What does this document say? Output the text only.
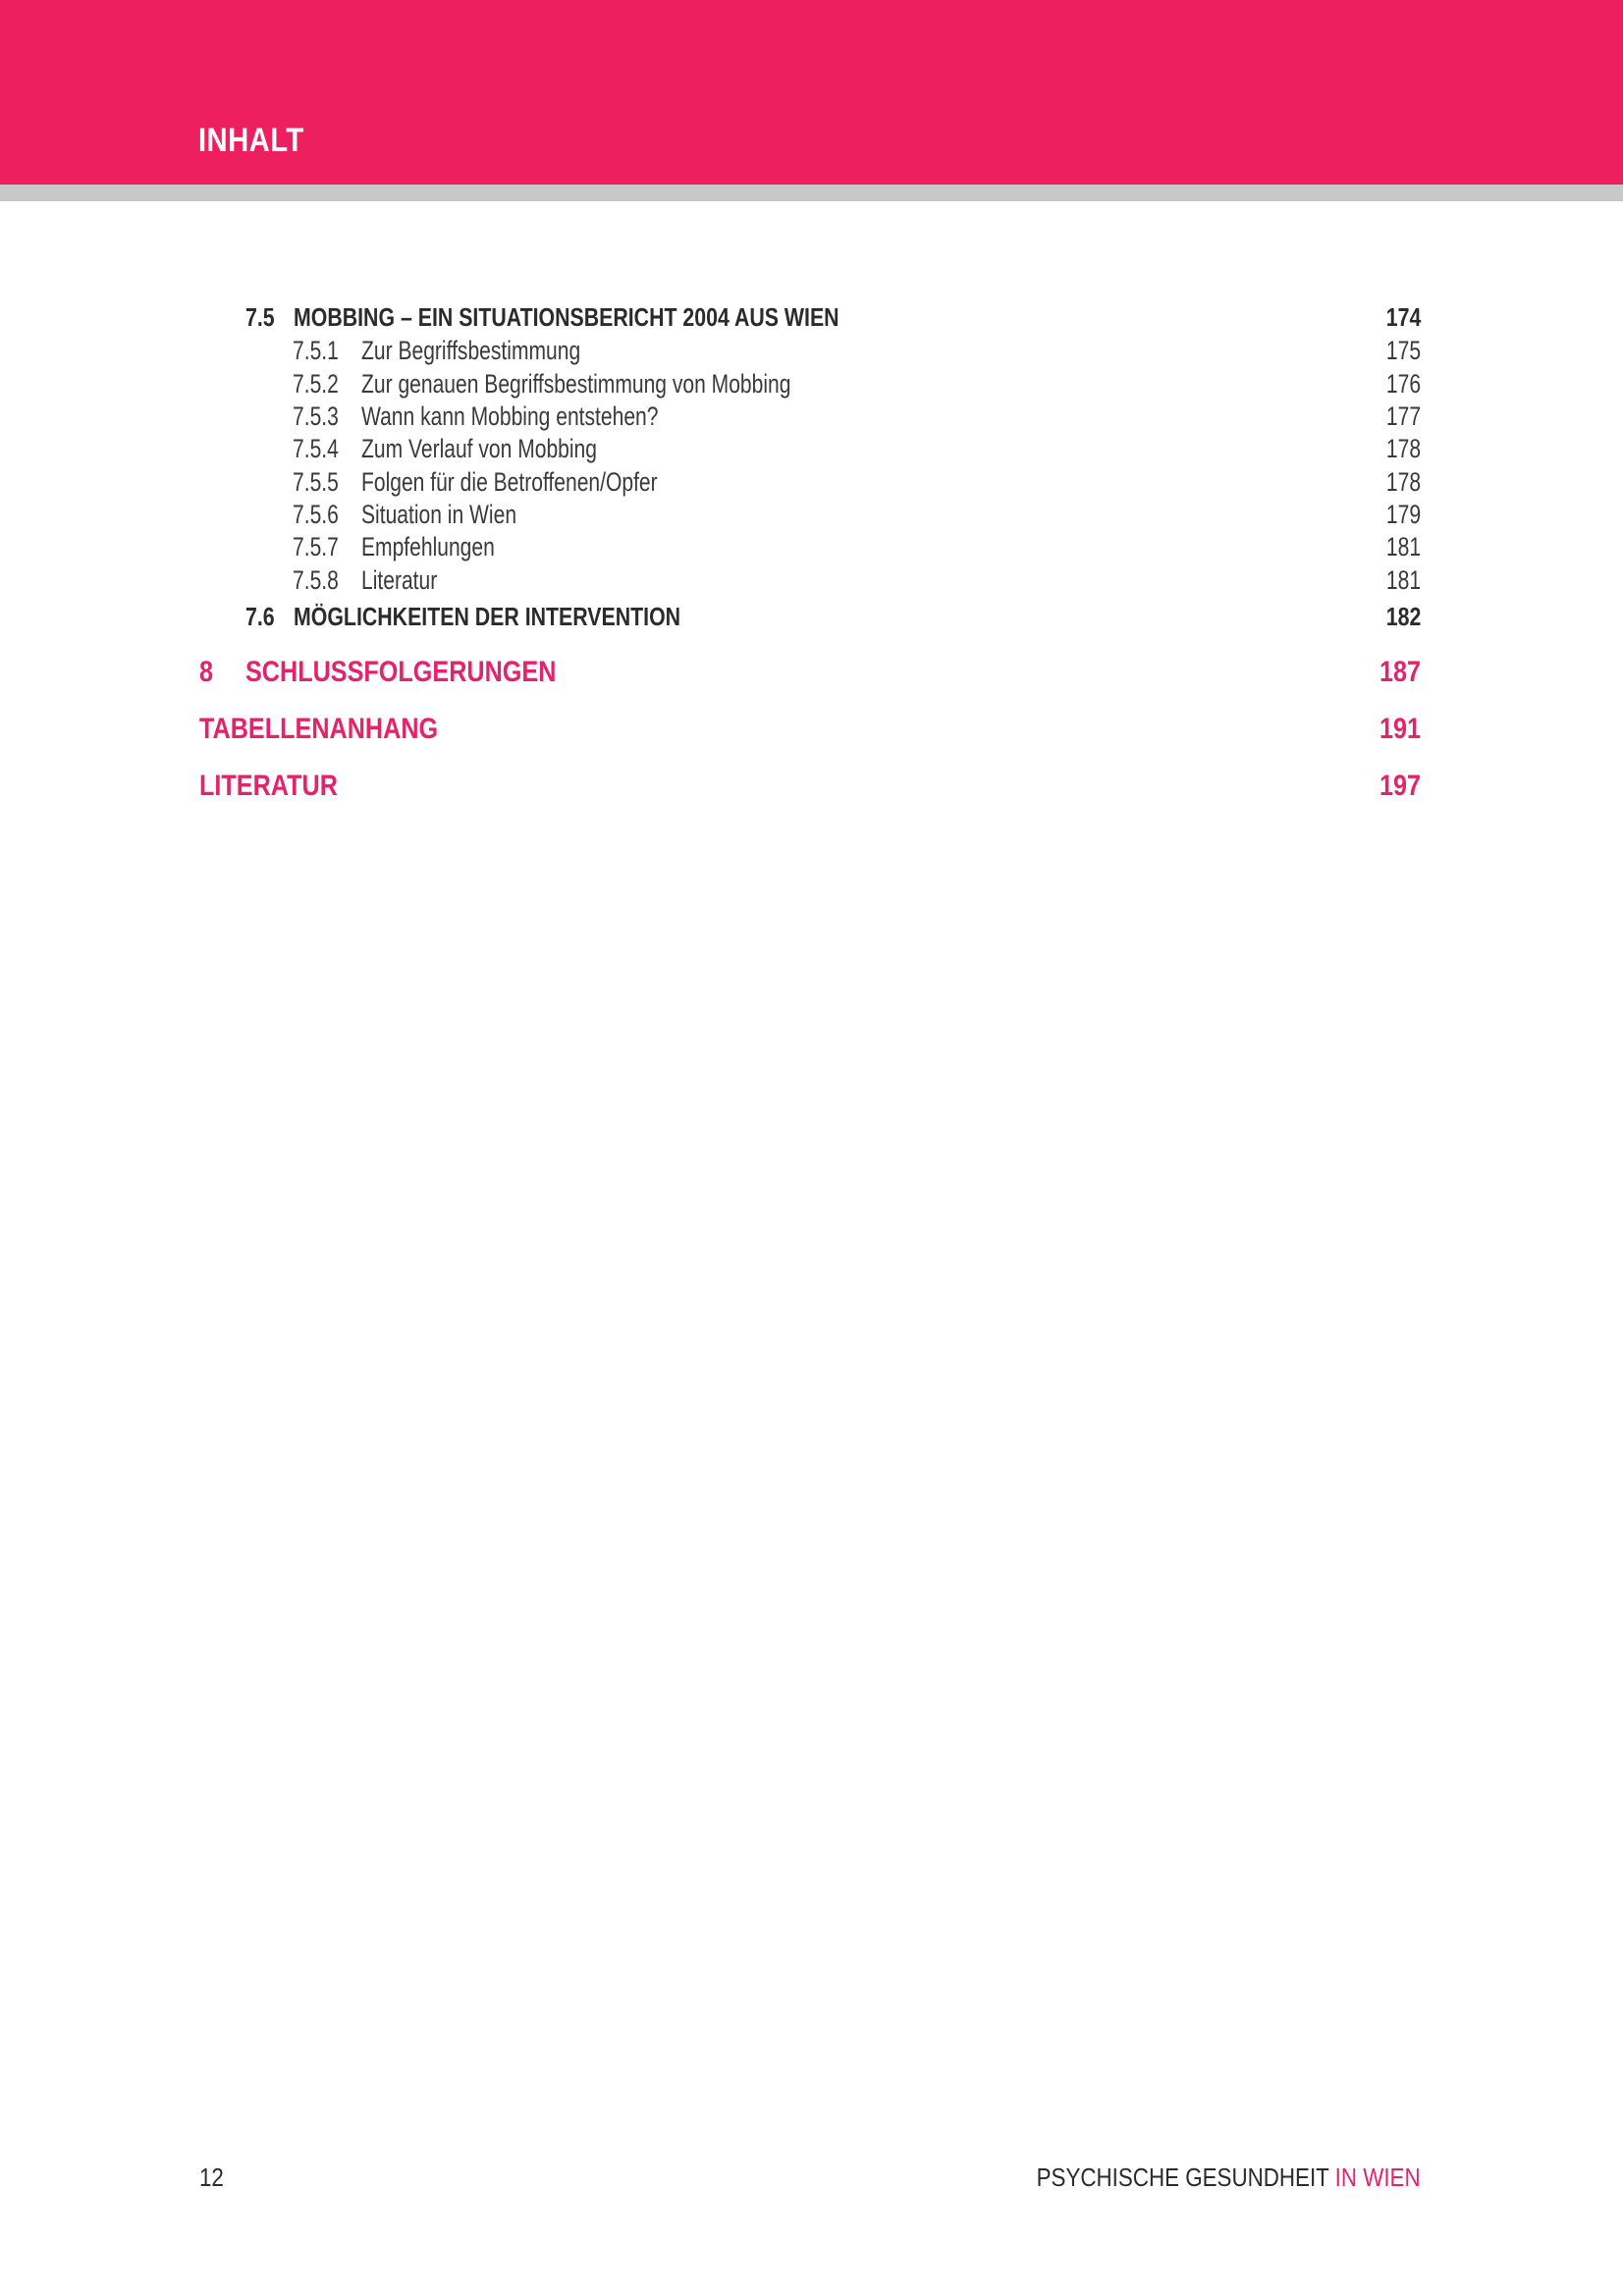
INHALT
7.5 MOBBING – EIN SITUATIONSBERICHT 2004 AUS WIEN	174
7.5.1 Zur Begriffsbestimmung	175
7.5.2 Zur genauen Begriffsbestimmung von Mobbing	176
7.5.3 Wann kann Mobbing entstehen?	177
7.5.4 Zum Verlauf von Mobbing	178
7.5.5 Folgen für die Betroffenen/Opfer	178
7.5.6 Situation in Wien	179
7.5.7 Empfehlungen	181
7.5.8 Literatur	181
7.6 MÖGLICHKEITEN DER INTERVENTION	182
8 SCHLUSSFOLGERUNGEN	187
TABELLENANHANG	191
LITERATUR	197
12	PSYCHISCHE GESUNDHEIT IN WIEN
